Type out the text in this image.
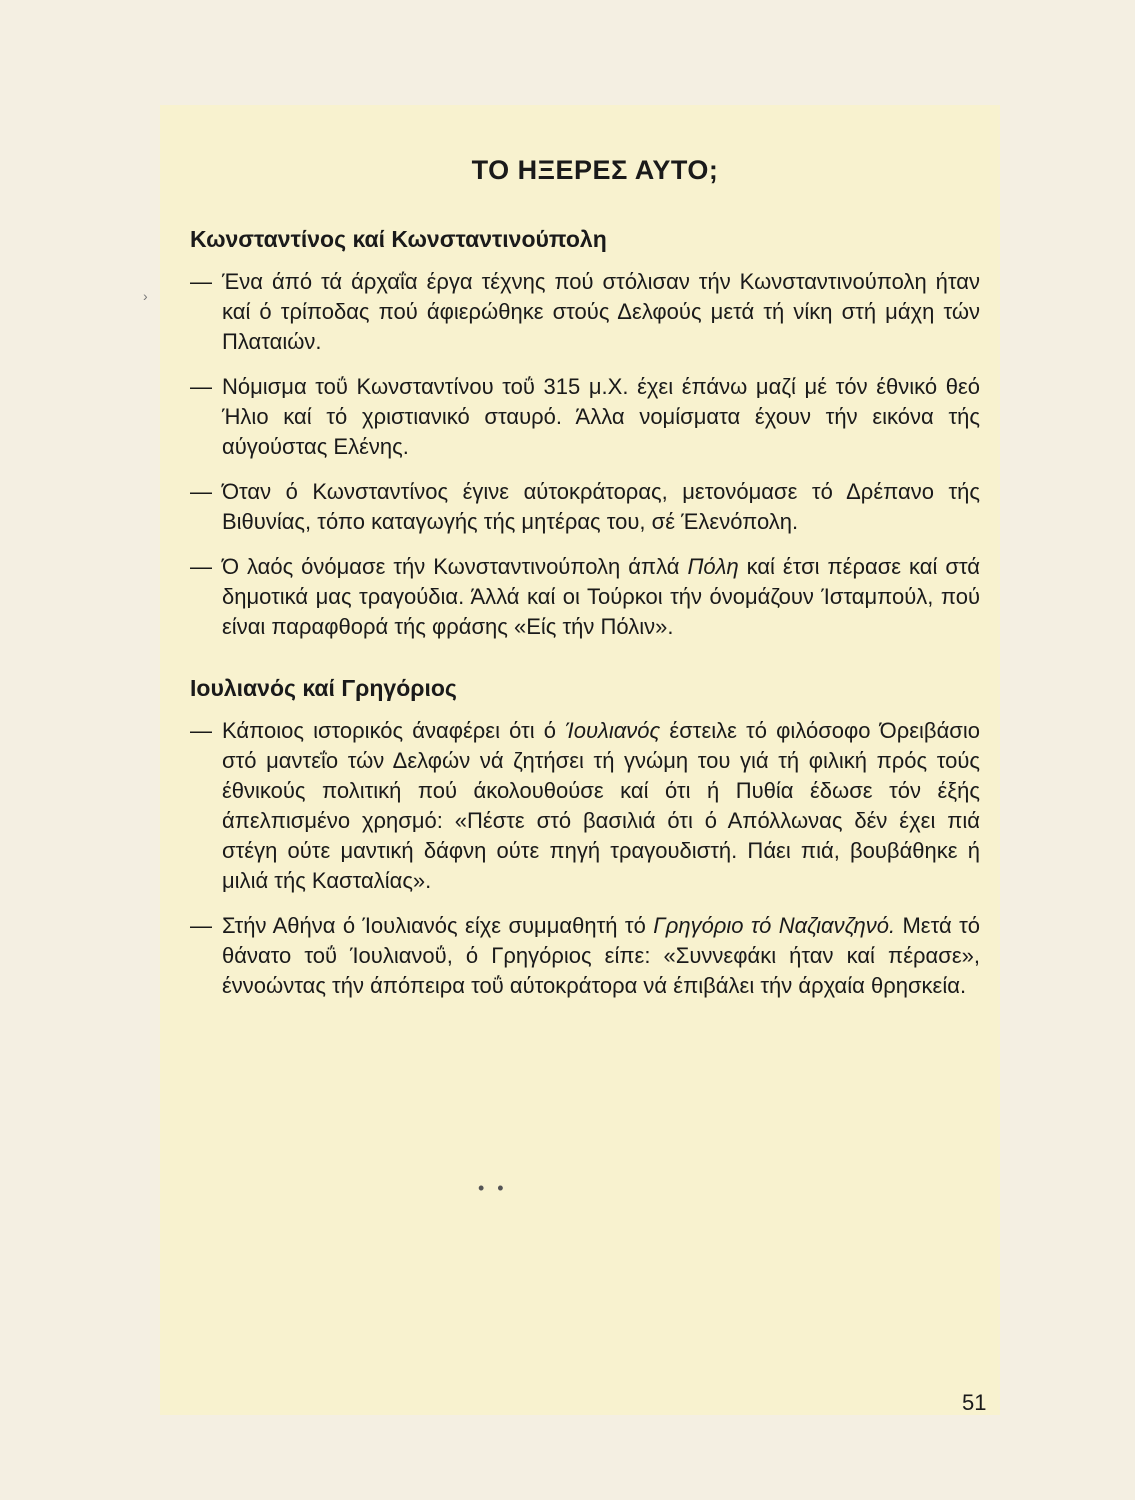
›
ΤΟ ΗΞΕΡΕΣ ΑΥΤΟ;
Κωνσταντίνος καί Κωνσταντινούπολη
— Ένα άπό τά άρχαΐα έργα τέχνης πού στόλισαν τήν Κωνσταντινούπολη ήταν καί ό τρίποδας πού άφιερώθηκε στούς Δελφούς μετά τή νίκη στή μάχη τών Πλαταιών.

— Νόμισμα τοΰ Κωνσταντίνου τοΰ 315 μ.Χ. έχει έπάνω μαζί μέ τόν έθνικό θεό Ήλιο καί τό χριστιανικό σταυρό. Άλλα νομίσματα έχουν τήν εικόνα τής αύγούστας Ελένης.

— Όταν ό Κωνσταντίνος έγινε αύτοκράτορας, μετονόμασε τό Δρέπανο τής Βιθυνίας, τόπο καταγωγής τής μητέρας του, σέ Έλενόπολη.

— Ό λαός όνόμασε τήν Κωνσταντινούπολη άπλά Πόλη καί έτσι πέρασε καί στά δημοτικά μας τραγούδια. Άλλά καί οι Τούρκοι τήν όνομάζουν Ίσταμπούλ, πού είναι παραφθορά τής φράσης «Είς τήν Πόλιν».

Ιουλιανός καί Γρηγόριος
— Κάποιος ιστορικός άναφέρει ότι ό Ίουλιανός έστειλε τό φιλόσοφο Όρειβάσιο στό μαντεΐο τών Δελφών νά ζητήσει τή γνώμη του γιά τή φιλική πρός τούς έθνικούς πολιτική πού άκολουθούσε καί ότι ή Πυθία έδωσε τόν έξής άπελπισμένο χρησμό: «Πέστε στό βασιλιά ότι ό Απόλλωνας δέν έχει πιά στέγη ούτε μαντική δάφνη ούτε πηγή τραγουδιστή. Πάει πιά, βουβάθηκε ή μιλιά τής Κασταλίας».

— Στήν Αθήνα ό Ίουλιανός είχε συμμαθητή τό Γρηγόριο τό Ναζιανζηνό. Μετά τό θάνατο τοΰ Ίουλιανοΰ, ό Γρηγόριος είπε: «Συννεφάκι ήταν καί πέρασε», έννοώντας τήν άπόπειρα τοΰ αύτοκράτορα νά έπιβάλει τήν άρχαία θρησκεία.

• •
51
